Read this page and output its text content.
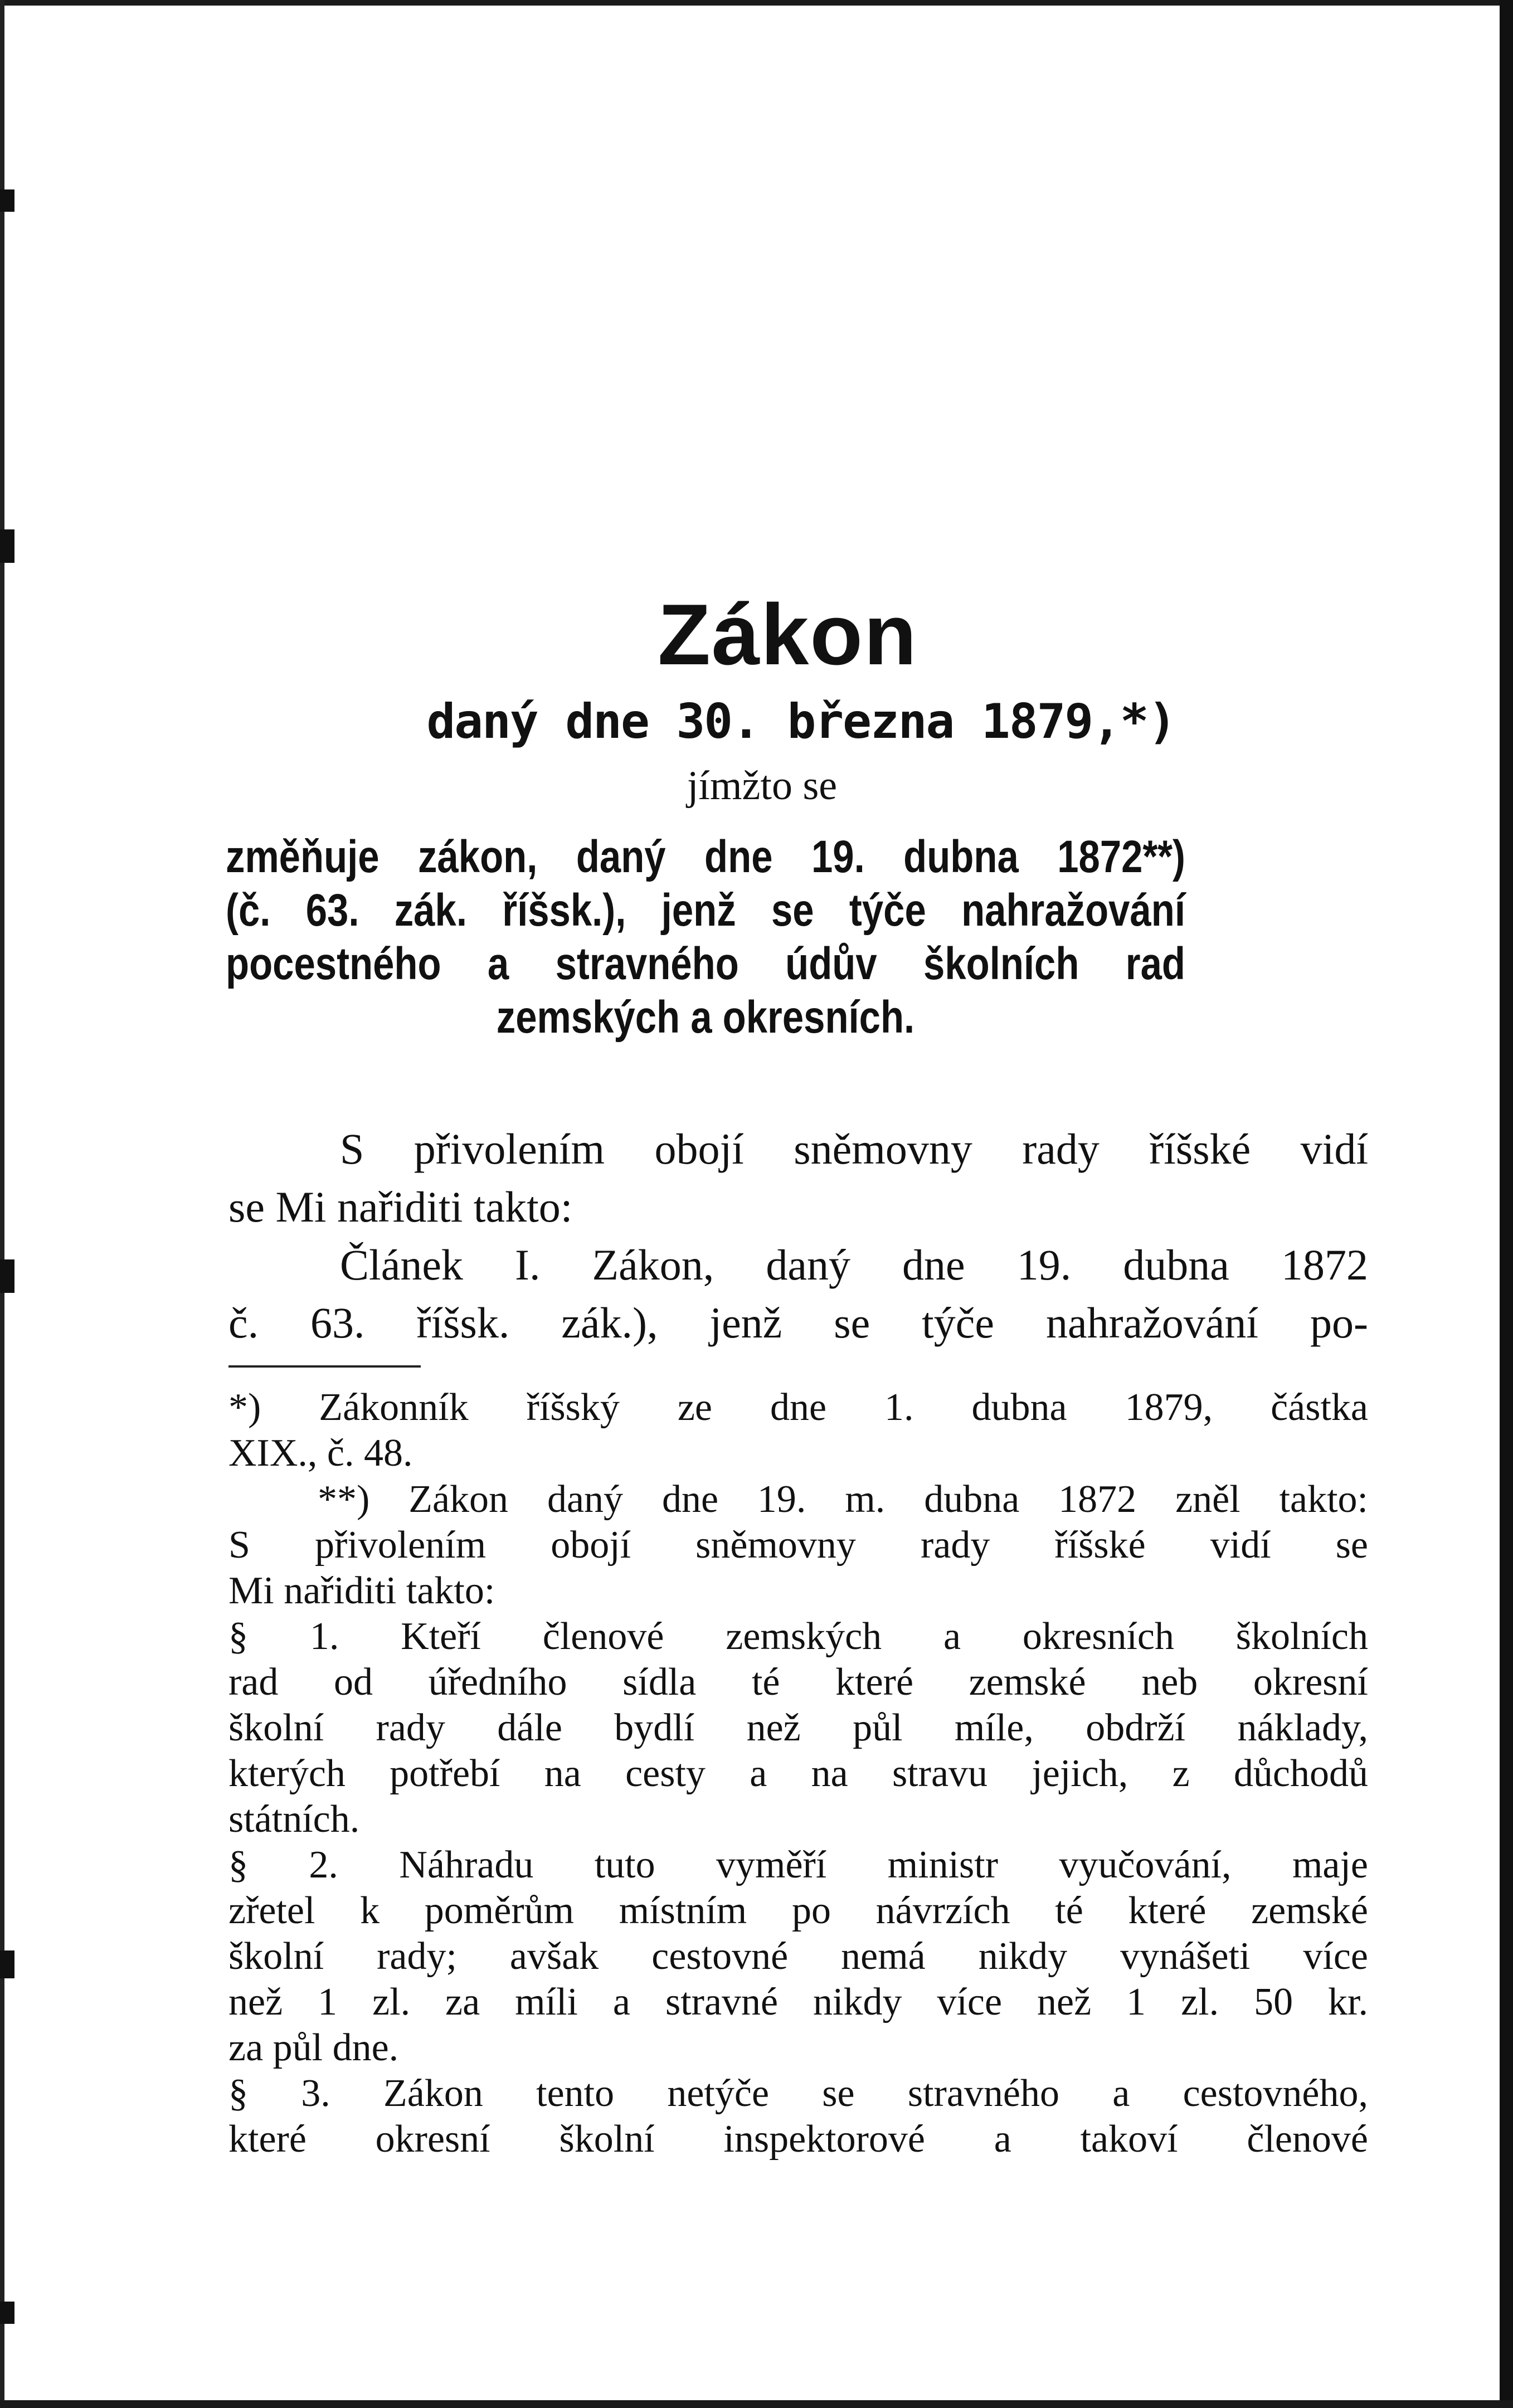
Zákon
daný dne 30. března 1879,*)
jímžto se
změňuje zákon, daný dne 19. dubna 1872**)
(č. 63. zák. říšsk.), jenž se týče nahražování
pocestného a stravného údův školních rad
zemských a okresních.
S přivolením obojí sněmovny rady říšské vidí
se Mi nařiditi takto:
Článek I. Zákon, daný dne 19. dubna 1872
č. 63. říšsk. zák.), jenž se týče nahražování po-
*) Zákonník říšský ze dne 1. dubna 1879, částka
XIX., č. 48.
**) Zákon daný dne 19. m. dubna 1872 zněl takto:
S přivolením obojí sněmovny rady říšské vidí se
Mi nařiditi takto:
§ 1. Kteří členové zemských a okresních školních
rad od úředního sídla té které zemské neb okresní
školní rady dále bydlí než půl míle, obdrží náklady,
kterých potřebí na cesty a na stravu jejich, z důchodů
státních.
§ 2. Náhradu tuto vyměří ministr vyučování, maje
zřetel k poměrům místním po návrzích té které zemské
školní rady; avšak cestovné nemá nikdy vynášeti více
než 1 zl. za míli a stravné nikdy více než 1 zl. 50 kr.
za půl dne.
§ 3. Zákon tento netýče se stravného a cestovného,
které okresní školní inspektorové a takoví členové
